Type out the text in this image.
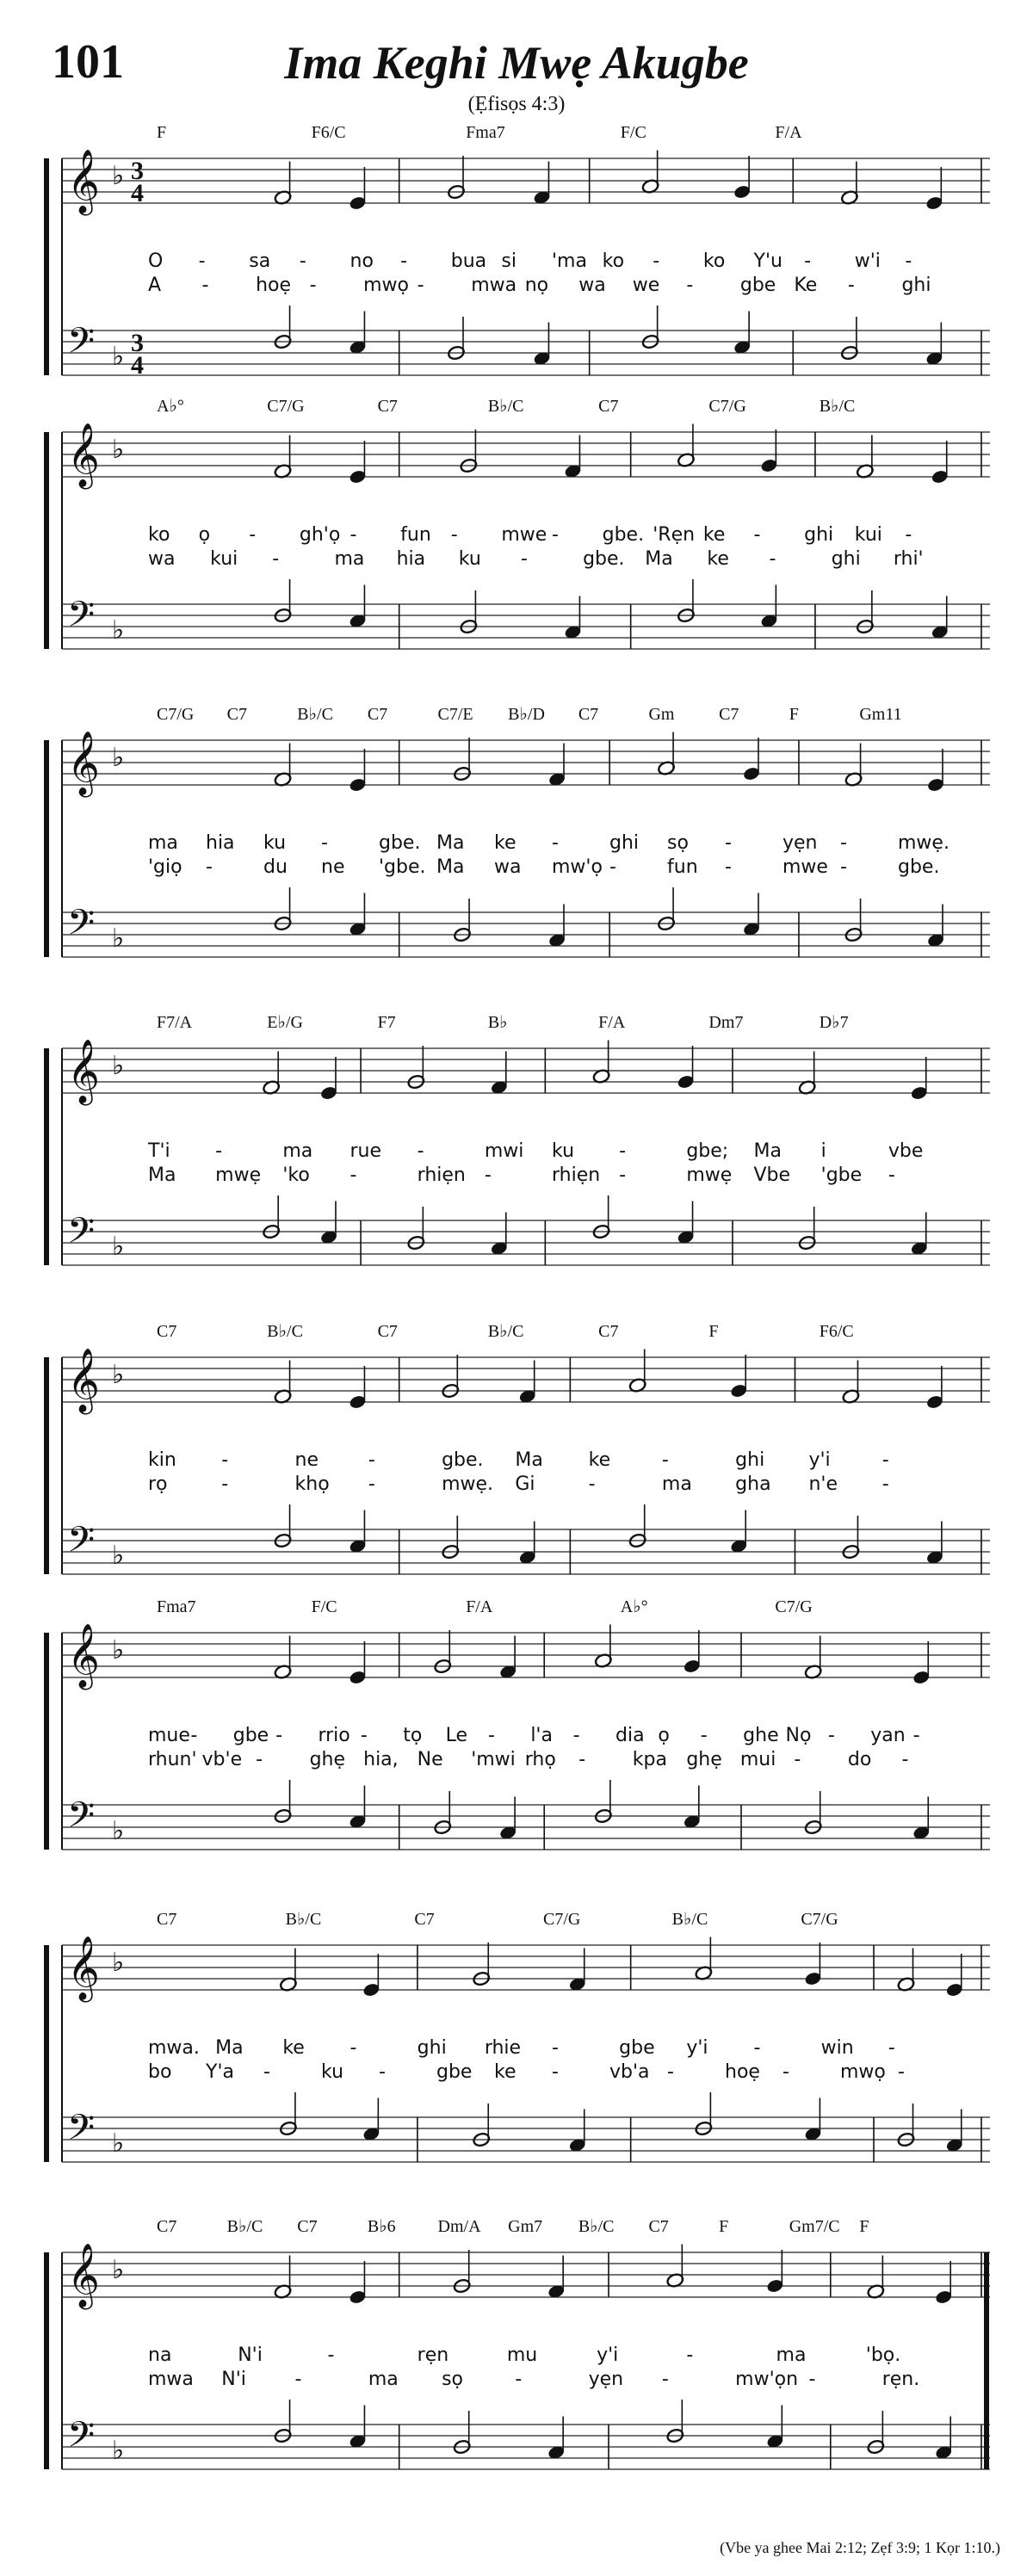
101	Ima Keghi Mwẹ Akugbe
(Ẹfisọs 4:3)
𝄞 ♭
𝄢 ♭
3
4
3
4
F	F6/C	Fma7	F/C	F/A
O - sa - no - bua si 'ma ko - ko Y'u - w'i -
A - hoẹ - mwọ - mwa nọ wa we - gbe Ke - ghi
𝄞 ♭
𝄢 ♭
A♭°	C7/G	C7	B♭/C	C7	C7/G	B♭/C
ko ọ - gh'ọ - fun - mwe - gbe. 'Rẹn ke - ghi kui -
wa kui -	ma hia ku -	gbe. Ma ke -	ghi rhi'
𝄞 ♭
𝄢 ♭
C7/G C7	B♭/C C7	C7/E B♭/D C7	Gm	C7	F	Gm11
ma hia ku -	gbe. Ma ke -	ghi sọ -	yẹn -	mwẹ.
'giọ -	du ne 'gbe. Ma wa mw'ọ -	fun -	mwe -	gbe.
𝄞 ♭
𝄢 ♭
F7/A	E♭/G	F7	B♭	F/A	Dm7	D♭7
T'i -	ma rue -	mwi ku -	gbe; Ma i	vbe
Ma mwẹ 'ko -	rhiẹn -	rhiẹn -	mwẹ Vbe 'gbe -
𝄞 ♭
𝄢 ♭
C7	B♭/C	C7	B♭/C	C7	F	F6/C
kin -	ne	-	gbe. Ma ke	-	ghi y'i	-
rọ	-	khọ -	mwẹ. Gi	-	ma gha n'e -
𝄞 ♭
𝄢 ♭
Fma7	F/C	F/A	A♭°	C7/G
mue - gbe - rrio - tọ Le - l'a - dia ọ - ghe Nọ - yan -
rhun' vb'e - ghẹ hia, Ne 'mwi rhọ - kpa ghẹ mui - do -
𝄞 ♭
𝄢 ♭
C7	B♭/C	C7	C7/G	B♭/C	C7/G
mwa. Ma ke -	ghi rhie -	gbe y'i -	win -
bo Y'a -	ku -	gbe ke -	vb'a -	hoẹ -	mwọ -
𝄞 ♭
𝄢 ♭
C7	B♭/C C7	B♭6 Dm/A Gm7 B♭/C C7	F	Gm7/C F
na	N'i	-	rẹn	mu	y'i	-	ma	'bọ.
mwa N'i	-	ma sọ	-	yẹn -	mw'ọn -	rẹn.
(Vbe ya ghee Mai 2:12; Zẹf 3:9; 1 Kọr 1:10.)
